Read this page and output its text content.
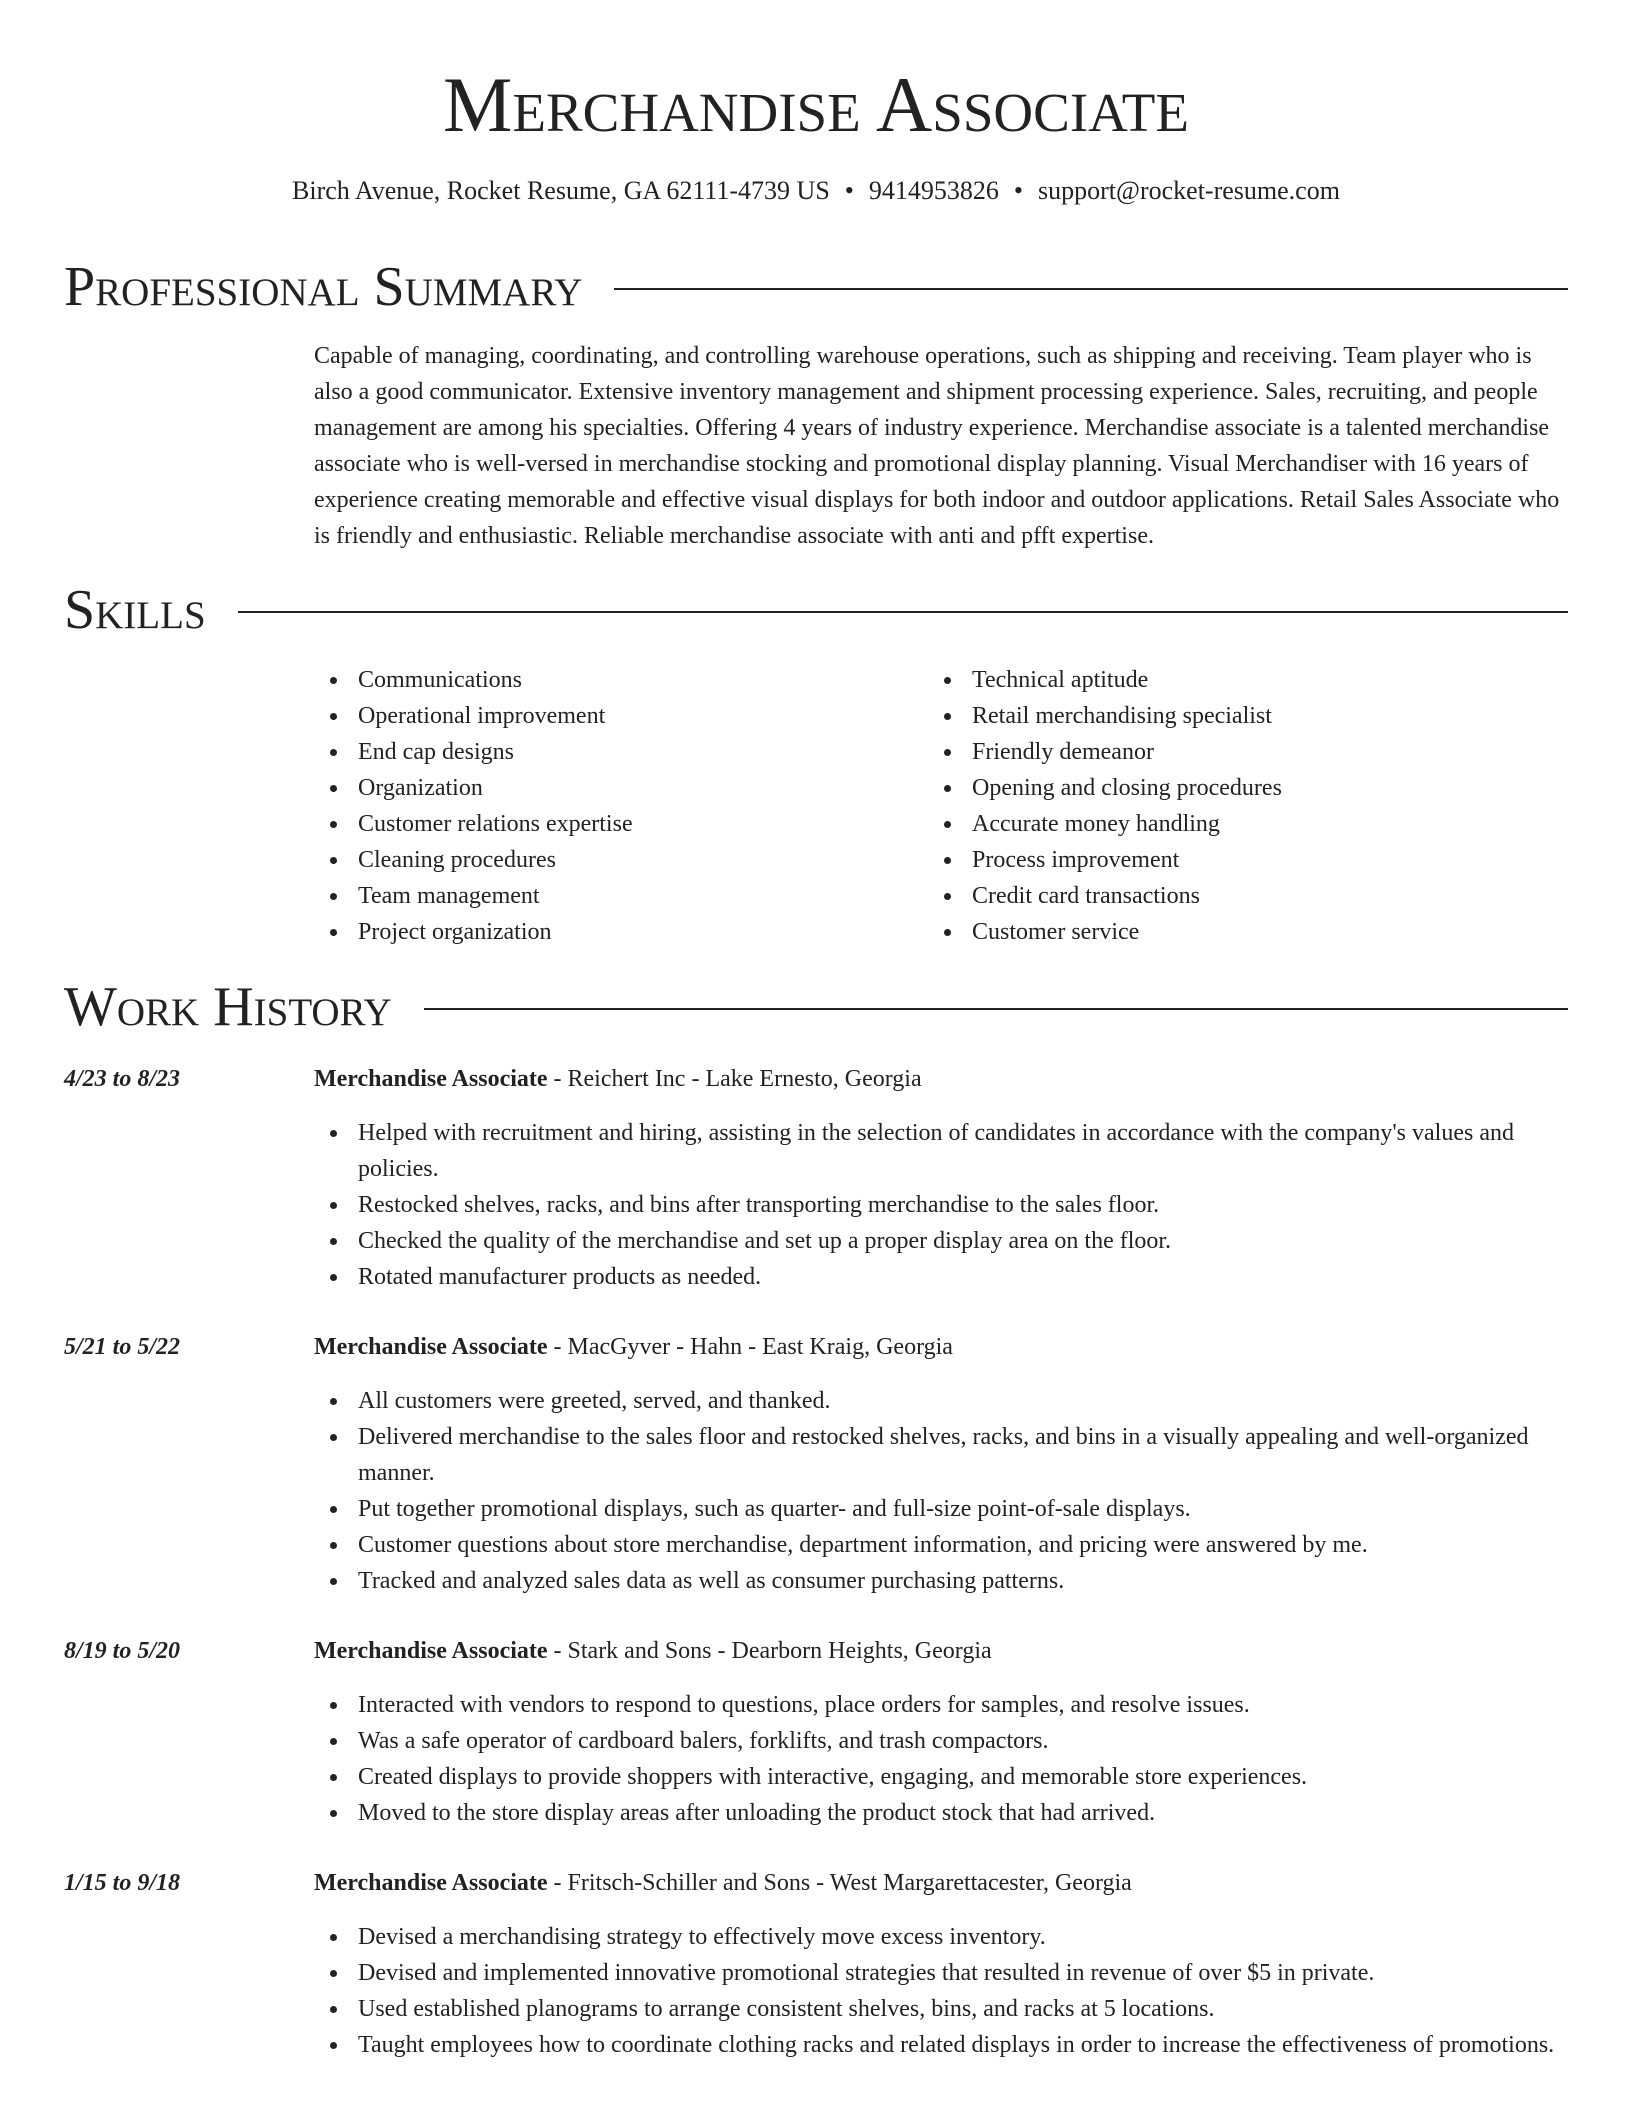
Merchandise Associate
Birch Avenue, Rocket Resume, GA 62111-4739 US • 9414953826 • support@rocket-resume.com
Professional Summary

Capable of managing, coordinating, and controlling warehouse operations, such as shipping and receiving. Team player who is also a good communicator. Extensive inventory management and shipment processing experience. Sales, recruiting, and people management are among his specialties. Offering 4 years of industry experience. Merchandise associate is a talented merchandise associate who is well-versed in merchandise stocking and promotional display planning. Visual Merchandiser with 16 years of experience creating memorable and effective visual displays for both indoor and outdoor applications. Retail Sales Associate who is friendly and enthusiastic. Reliable merchandise associate with anti and pfft expertise.

Skills
Communications
Operational improvement
End cap designs
Organization
Customer relations expertise
Cleaning procedures
Team management
Project organization
Technical aptitude
Retail merchandising specialist
Friendly demeanor
Opening and closing procedures
Accurate money handling
Process improvement
Credit card transactions
Customer service
Work History
4/23 to 8/23	Merchandise Associate - Reichert Inc - Lake Ernesto, Georgia
Helped with recruitment and hiring, assisting in the selection of candidates in accordance with the company's values and policies.
Restocked shelves, racks, and bins after transporting merchandise to the sales floor.
Checked the quality of the merchandise and set up a proper display area on the floor.
Rotated manufacturer products as needed.
5/21 to 5/22	Merchandise Associate - MacGyver - Hahn - East Kraig, Georgia
All customers were greeted, served, and thanked.
Delivered merchandise to the sales floor and restocked shelves, racks, and bins in a visually appealing and well-organized manner.
Put together promotional displays, such as quarter- and full-size point-of-sale displays.
Customer questions about store merchandise, department information, and pricing were answered by me.
Tracked and analyzed sales data as well as consumer purchasing patterns.
8/19 to 5/20	Merchandise Associate - Stark and Sons - Dearborn Heights, Georgia
Interacted with vendors to respond to questions, place orders for samples, and resolve issues.
Was a safe operator of cardboard balers, forklifts, and trash compactors.
Created displays to provide shoppers with interactive, engaging, and memorable store experiences.
Moved to the store display areas after unloading the product stock that had arrived.
1/15 to 9/18	Merchandise Associate - Fritsch-Schiller and Sons - West Margarettacester, Georgia
Devised a merchandising strategy to effectively move excess inventory.
Devised and implemented innovative promotional strategies that resulted in revenue of over $5 in private.
Used established planograms to arrange consistent shelves, bins, and racks at 5 locations.
Taught employees how to coordinate clothing racks and related displays in order to increase the effectiveness of promotions.
